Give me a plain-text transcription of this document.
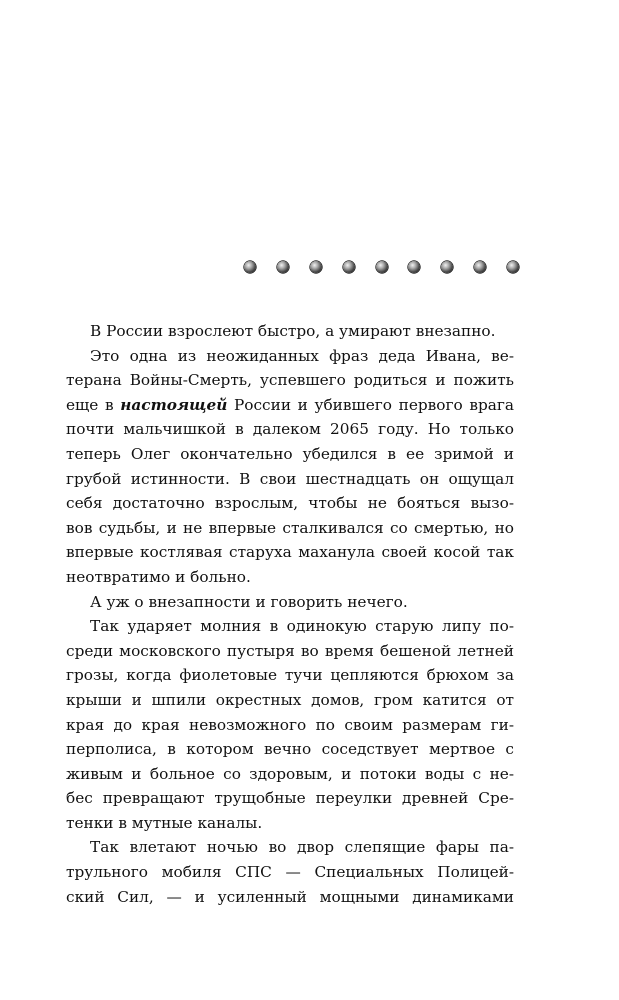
В России взрослеют быстро, а умирают внезапно.
Это одна из неожиданных фраз деда Ивана, ве-
терана Войны-Смерть, успевшего родиться и пожить
еще в настоящей России и убившего первого врага
почти мальчишкой в далеком 2065 году. Но только
теперь Олег окончательно убедился в ее зримой и
грубой истинности. В свои шестнадцать он ощущал
себя достаточно взрослым, чтобы не бояться вызо-
вов судьбы, и не впервые сталкивался со смертью, но
впервые костлявая старуха маханула своей косой так
неотвратимо и больно.
А уж о внезапности и говорить нечего.
Так ударяет молния в одинокую старую липу по-
среди московского пустыря во время бешеной летней
грозы, когда фиолетовые тучи цепляются брюхом за
крыши и шпили окрестных домов, гром катится от
края до края невозможного по своим размерам ги-
перполиса, в котором вечно соседствует мертвое с
живым и больное со здоровым, и потоки воды с не-
бес превращают трущобные переулки древней Сре-
тенки в мутные каналы.
Так влетают ночью во двор слепящие фары па-
трульного мобиля СПС — Специальных Полицей-
ский Сил, — и усиленный мощными динамиками
